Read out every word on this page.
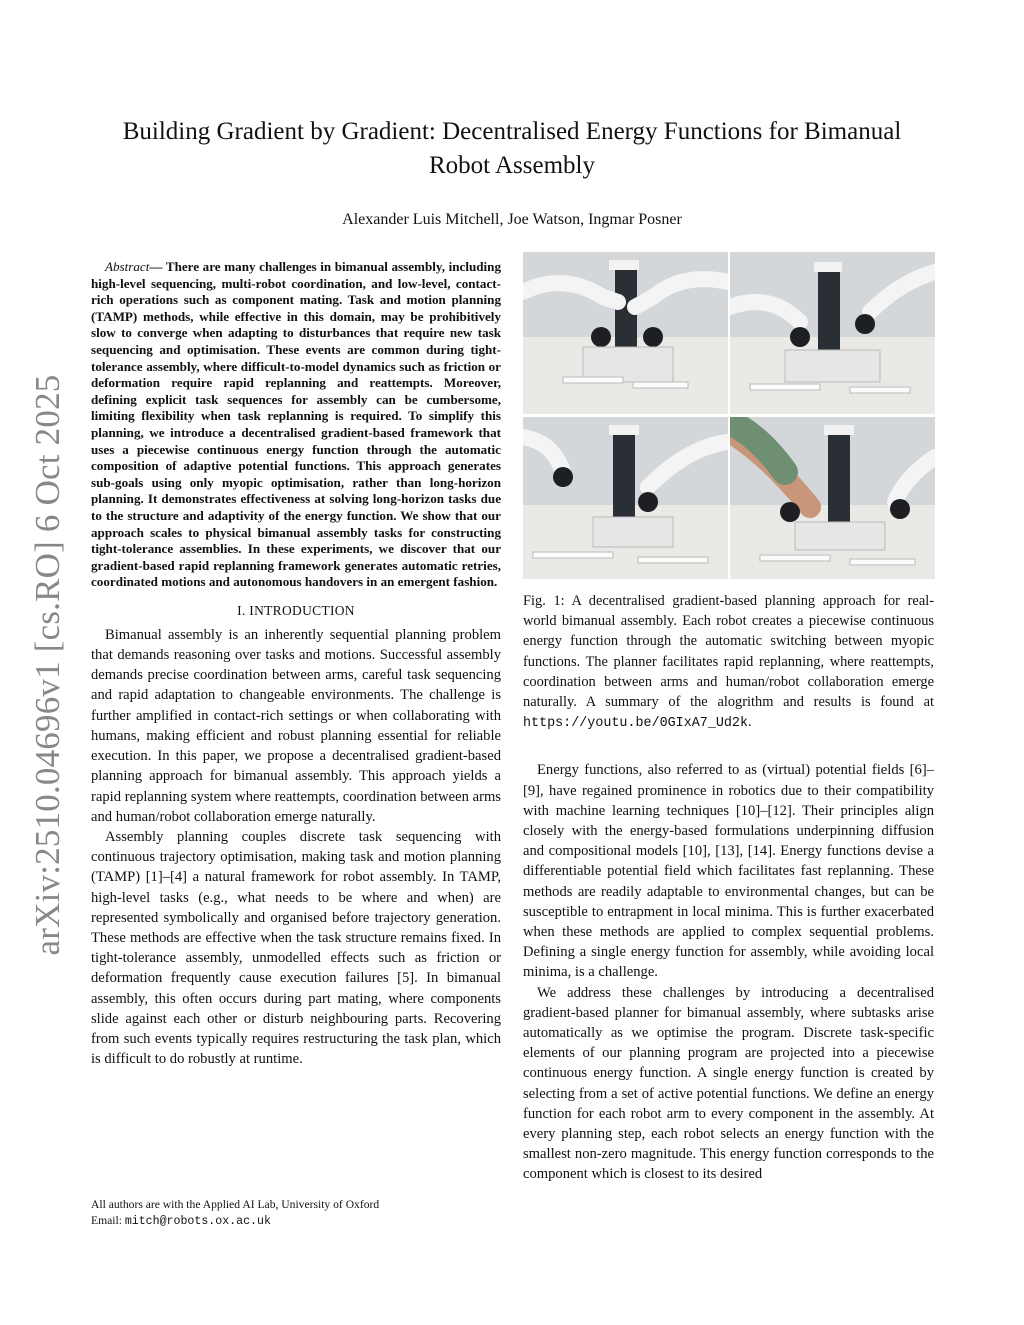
arXiv:2510.04696v1 [cs.RO] 6 Oct 2025
Building Gradient by Gradient: Decentralised Energy Functions for Bimanual Robot Assembly
Alexander Luis Mitchell, Joe Watson, Ingmar Posner

Abstract— There are many challenges in bimanual assembly, including high-level sequencing, multi-robot coordination, and low-level, contact-rich operations such as component mating. Task and motion planning (TAMP) methods, while effective in this domain, may be prohibitively slow to converge when adapting to disturbances that require new task sequencing and optimisation. These events are common during tight-tolerance assembly, where difficult-to-model dynamics such as friction or deformation require rapid replanning and reattempts. Moreover, defining explicit task sequences for assembly can be cumbersome, limiting flexibility when task replanning is required. To simplify this planning, we introduce a decentralised gradient-based framework that uses a piecewise continuous energy function through the automatic composition of adaptive potential functions. This approach generates sub-goals using only myopic optimisation, rather than long-horizon planning. It demonstrates effectiveness at solving long-horizon tasks due to the structure and adaptivity of the energy function. We show that our approach scales to physical bimanual assembly tasks for constructing tight-tolerance assemblies. In these experiments, we discover that our gradient-based rapid replanning framework generates automatic retries, coordinated motions and autonomous handovers in an emergent fashion.

I. INTRODUCTION

Bimanual assembly is an inherently sequential planning problem that demands reasoning over tasks and motions. Successful assembly demands precise coordination between arms, careful task sequencing and rapid adaptation to changeable environments. The challenge is further amplified in contact-rich settings or when collaborating with humans, making efficient and robust planning essential for reliable execution. In this paper, we propose a decentralised gradient-based planning approach for bimanual assembly. This approach yields a rapid replanning system where reattempts, coordination between arms and human/robot collaboration emerge naturally.

Assembly planning couples discrete task sequencing with continuous trajectory optimisation, making task and motion planning (TAMP) [1]–[4] a natural framework for robot assembly. In TAMP, high-level tasks (e.g., what needs to be where and when) are represented symbolically and organised before trajectory generation. These methods are effective when the task structure remains fixed. In tight-tolerance assembly, unmodelled effects such as friction or deformation frequently cause execution failures [5]. In bimanual assembly, this often occurs during part mating, where components slide against each other or disturb neighbouring parts. Recovering from such events typically requires restructuring the task plan, which is difficult to do robustly at runtime.

All authors are with the Applied AI Lab, University of Oxford
Email: mitch@robots.ox.ac.uk

Fig. 1: A decentralised gradient-based planning approach for real-world bimanual assembly. Each robot creates a piecewise continuous energy function through the automatic switching between myopic functions. The planner facilitates rapid replanning, where reattempts, coordination between arms and human/robot collaboration emerge naturally. A summary of the alogrithm and results is found at https://youtu.be/0GIxA7_Ud2k.

Energy functions, also referred to as (virtual) potential fields [6]–[9], have regained prominence in robotics due to their compatibility with machine learning techniques [10]–[12]. Their principles align closely with the energy-based formulations underpinning diffusion and compositional models [10], [13], [14]. Energy functions devise a differentiable potential field which facilitates fast replanning. These methods are readily adaptable to environmental changes, but can be susceptible to entrapment in local minima. This is further exacerbated when these methods are applied to complex sequential problems. Defining a single energy function for assembly, while avoiding local minima, is a challenge.

We address these challenges by introducing a decentralised gradient-based planner for bimanual assembly, where subtasks arise automatically as we optimise the program. Discrete task-specific elements of our planning program are projected into a piecewise continuous energy function. A single energy function is created by selecting from a set of active potential functions. We define an energy function for each robot arm to every component in the assembly. At every planning step, each robot selects an energy function with the smallest non-zero magnitude. This energy function corresponds to the component which is closest to its desired
